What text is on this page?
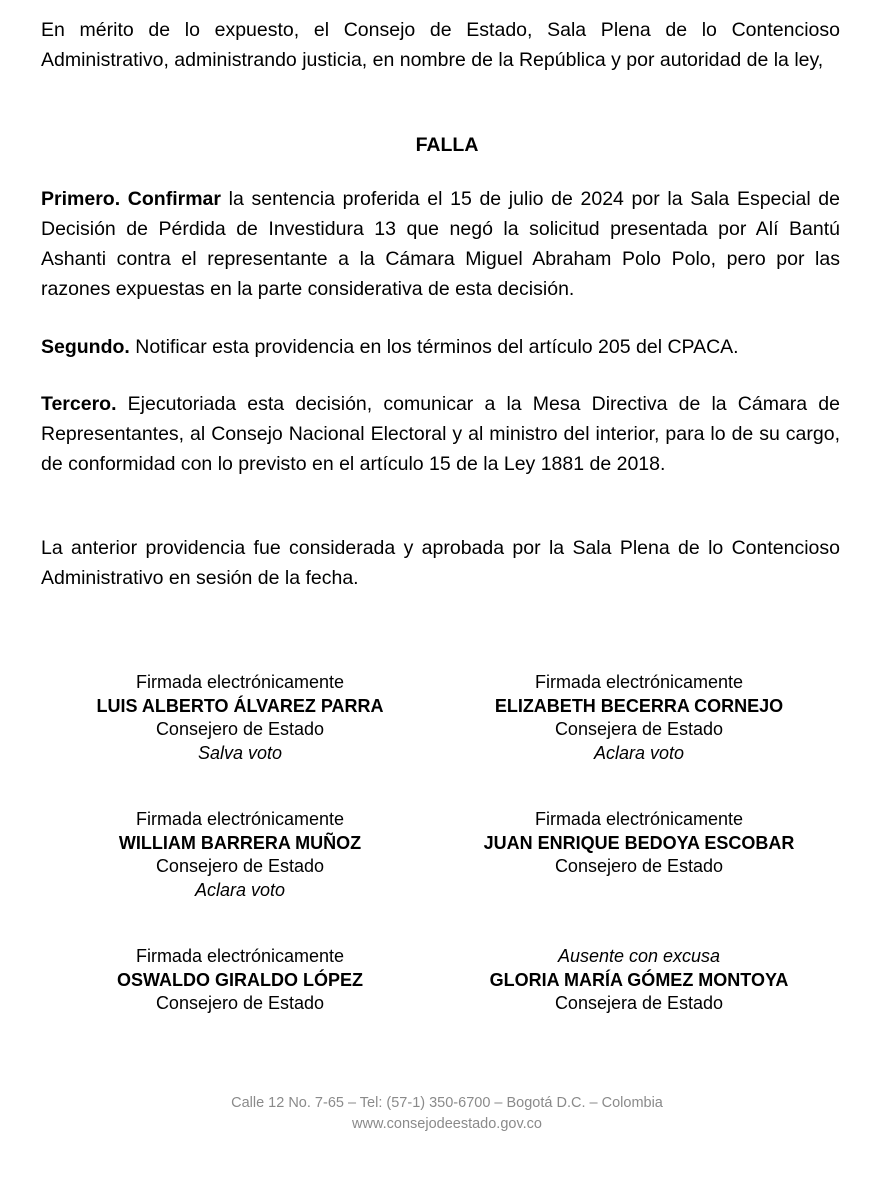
En mérito de lo expuesto, el Consejo de Estado, Sala Plena de lo Contencioso Administrativo, administrando justicia, en nombre de la República y por autoridad de la ley,

FALLA

Primero. Confirmar la sentencia proferida el 15 de julio de 2024 por la Sala Especial de Decisión de Pérdida de Investidura 13 que negó la solicitud presentada por Alí Bantú Ashanti contra el representante a la Cámara Miguel Abraham Polo Polo, pero por las razones expuestas en la parte considerativa de esta decisión.

Segundo. Notificar esta providencia en los términos del artículo 205 del CPACA.

Tercero. Ejecutoriada esta decisión, comunicar a la Mesa Directiva de la Cámara de Representantes, al Consejo Nacional Electoral y al ministro del interior, para lo de su cargo, de conformidad con lo previsto en el artículo 15 de la Ley 1881 de 2018.

La anterior providencia fue considerada y aprobada por la Sala Plena de lo Contencioso Administrativo en sesión de la fecha.

Firmada electrónicamente
LUIS ALBERTO ÁLVAREZ PARRA
Consejero de Estado
Salva voto
Firmada electrónicamente
ELIZABETH BECERRA CORNEJO
Consejera de Estado
Aclara voto
Firmada electrónicamente
WILLIAM BARRERA MUÑOZ
Consejero de Estado
Aclara voto
Firmada electrónicamente
JUAN ENRIQUE BEDOYA ESCOBAR
Consejero de Estado
Firmada electrónicamente
OSWALDO GIRALDO LÓPEZ
Consejero de Estado
Ausente con excusa
GLORIA MARÍA GÓMEZ MONTOYA
Consejera de Estado
Calle 12 No. 7-65 – Tel: (57-1) 350-6700 – Bogotá D.C. – Colombia
www.consejodeestado.gov.co
